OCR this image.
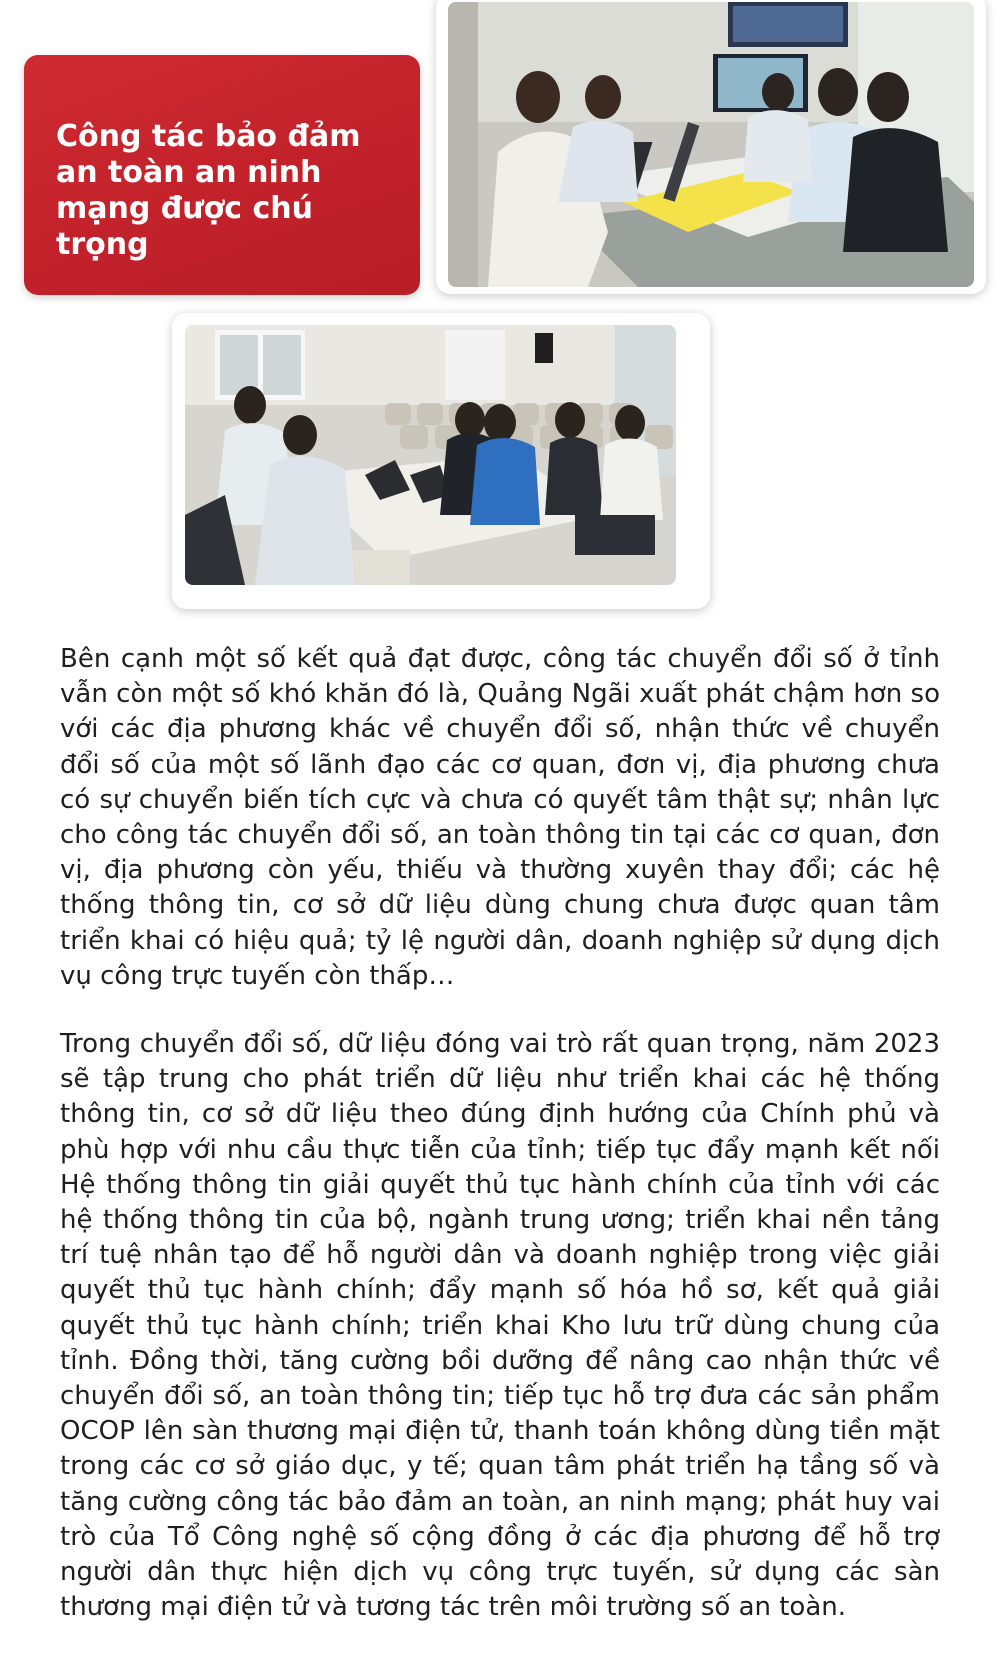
Công tác bảo đảm an toàn an ninh mạng được chú trọng

Bên cạnh một số kết quả đạt được, công tác chuyển đổi số ở tỉnh vẫn còn một số khó khăn đó là, Quảng Ngãi xuất phát chậm hơn so với các địa phương khác về chuyển đổi số, nhận thức về chuyển đổi số của một số lãnh đạo các cơ quan, đơn vị, địa phương chưa có sự chuyển biến tích cực và chưa có quyết tâm thật sự; nhân lực cho công tác chuyển đổi số, an toàn thông tin tại các cơ quan, đơn vị, địa phương còn yếu, thiếu và thường xuyên thay đổi; các hệ thống thông tin, cơ sở dữ liệu dùng chung chưa được quan tâm triển khai có hiệu quả; tỷ lệ người dân, doanh nghiệp sử dụng dịch vụ công trực tuyến còn thấp…

Trong chuyển đổi số, dữ liệu đóng vai trò rất quan trọng, năm 2023 sẽ tập trung cho phát triển dữ liệu như triển khai các hệ thống thông tin, cơ sở dữ liệu theo đúng định hướng của Chính phủ và phù hợp với nhu cầu thực tiễn của tỉnh; tiếp tục đẩy mạnh kết nối Hệ thống thông tin giải quyết thủ tục hành chính của tỉnh với các hệ thống thông tin của bộ, ngành trung ương; triển khai nền tảng trí tuệ nhân tạo để hỗ người dân và doanh nghiệp trong việc giải quyết thủ tục hành chính; đẩy mạnh số hóa hồ sơ, kết quả giải quyết thủ tục hành chính; triển khai Kho lưu trữ dùng chung của tỉnh. Đồng thời, tăng cường bồi dưỡng để nâng cao nhận thức về chuyển đổi số, an toàn thông tin; tiếp tục hỗ trợ đưa các sản phẩm OCOP lên sàn thương mại điện tử, thanh toán không dùng tiền mặt trong các cơ sở giáo dục, y tế; quan tâm phát triển hạ tầng số và tăng cường công tác bảo đảm an toàn, an ninh mạng; phát huy vai trò của Tổ Công nghệ số cộng đồng ở các địa phương để hỗ trợ người dân thực hiện dịch vụ công trực tuyến, sử dụng các sàn thương mại điện tử và tương tác trên môi trường số an toàn.
